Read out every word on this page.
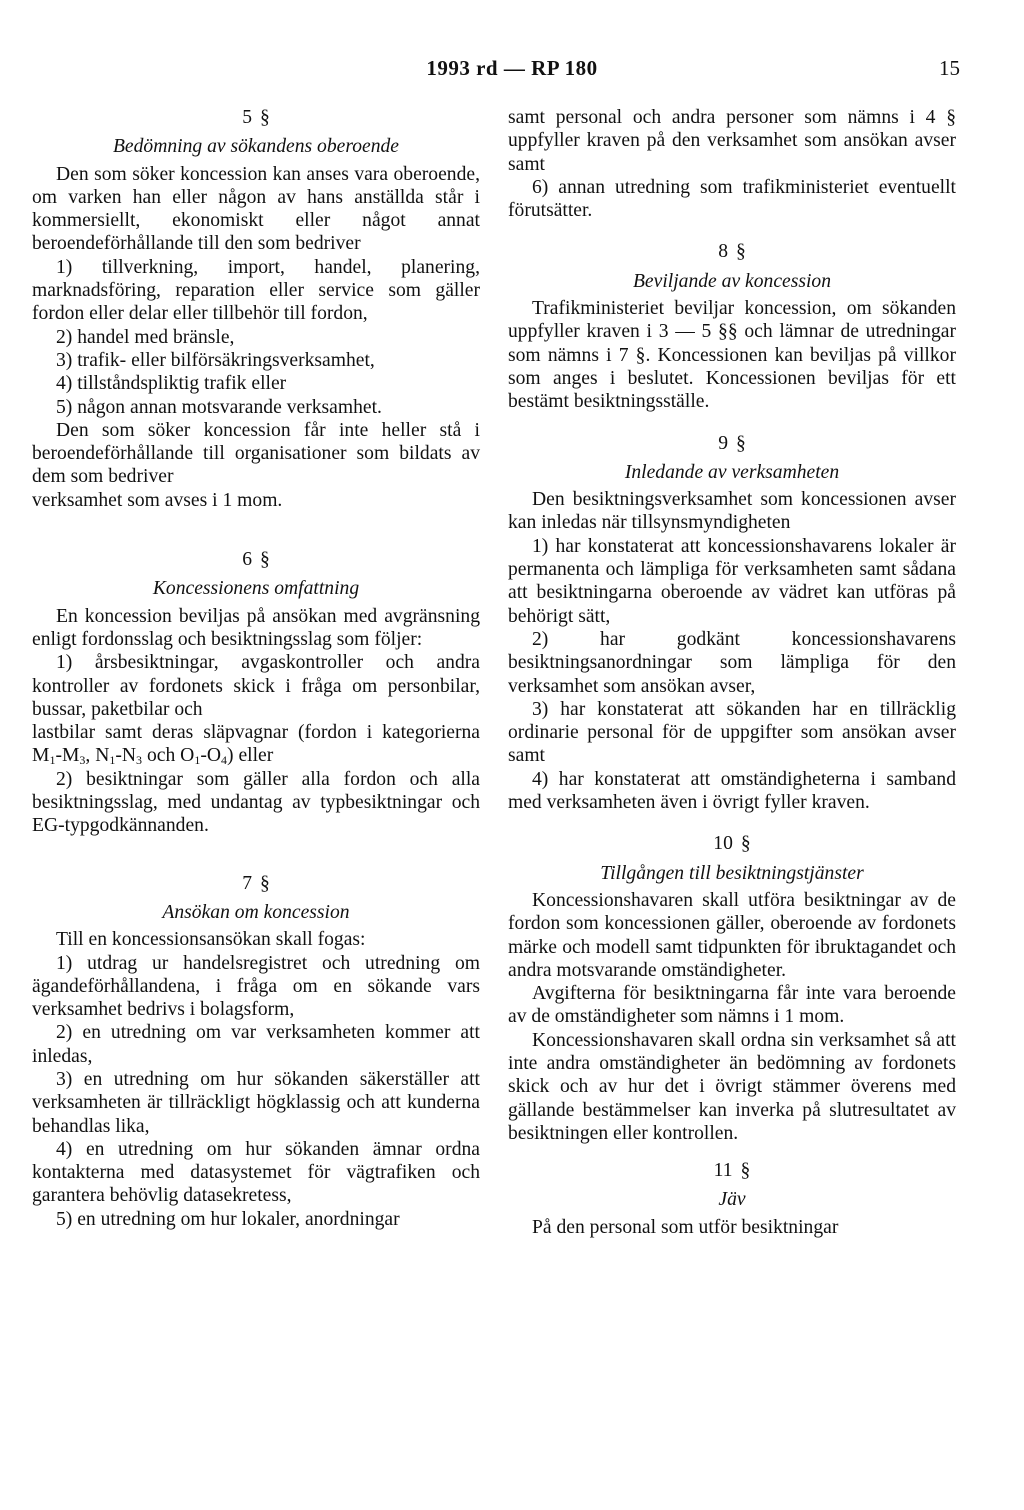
1993 rd — RP 180	15
5 §
Bedömning av sökandens oberoende

Den som söker koncession kan anses vara oberoende, om varken han eller någon av hans anställda står i kommersiellt, ekonomiskt eller något annat beroendeförhållande till den som bedriver

1) tillverkning, import, handel, planering, marknadsföring, reparation eller service som gäller fordon eller delar eller tillbehör till fordon,

2) handel med bränsle,

3) trafik- eller bilförsäkringsverksamhet,

4) tillståndspliktig trafik eller

5) någon annan motsvarande verksamhet.

Den som söker koncession får inte heller stå i beroendeförhållande till organisationer som bildats av dem som bedriver

verksamhet som avses i 1 mom.

6 §
Koncessionens omfattning

En koncession beviljas på ansökan med avgränsning enligt fordonsslag och besiktningsslag som följer:

1) årsbesiktningar, avgaskontroller och andra kontroller av fordonets skick i fråga om personbilar, bussar, paketbilar och

lastbilar samt deras släpvagnar (fordon i kategorierna $M_1-M_3$, $N_1-N_3$ och $O_1-O_4$) eller

2) besiktningar som gäller alla fordon och alla besiktningsslag, med undantag av typbesiktningar och EG-typgodkännanden.

7 §
Ansökan om koncession

Till en koncessionsansökan skall fogas:

1) utdrag ur handelsregistret och utredning om ägandeförhållandena, i fråga om en sökande vars verksamhet bedrivs i bolagsform,

2) en utredning om var verksamheten kommer att inledas,

3) en utredning om hur sökanden säkerställer att verksamheten är tillräckligt högklassig och att kunderna behandlas lika,

4) en utredning om hur sökanden ämnar ordna kontakterna med datasystemet för vägtrafiken och garantera behövlig datasekretess,

5) en utredning om hur lokaler, anordningar

samt personal och andra personer som nämns i 4 § uppfyller kraven på den verksamhet som ansökan avser samt

6) annan utredning som trafikministeriet eventuellt förutsätter.

8 §
Beviljande av koncession

Trafikministeriet beviljar koncession, om sökanden uppfyller kraven i 3 — 5 §§ och lämnar de utredningar som nämns i 7 §. Koncessionen kan beviljas på villkor som anges i beslutet. Koncessionen beviljas för ett bestämt besiktningsställe.

9 §
Inledande av verksamheten

Den besiktningsverksamhet som koncessionen avser kan inledas när tillsynsmyndigheten

1) har konstaterat att koncessionshavarens lokaler är permanenta och lämpliga för verksamheten samt sådana att besiktningarna oberoende av vädret kan utföras på behörigt sätt,

2) har godkänt koncessionshavarens besiktningsanordningar som lämpliga för den verksamhet som ansökan avser,

3) har konstaterat att sökanden har en tillräcklig ordinarie personal för de uppgifter som ansökan avser samt

4) har konstaterat att omständigheterna i samband med verksamheten även i övrigt fyller kraven.

10 §
Tillgången till besiktningstjänster

Koncessionshavaren skall utföra besiktningar av de fordon som koncessionen gäller, oberoende av fordonets märke och modell samt tidpunkten för ibruktagandet och andra motsvarande omständigheter.

Avgifterna för besiktningarna får inte vara beroende av de omständigheter som nämns i 1 mom.

Koncessionshavaren skall ordna sin verksamhet så att inte andra omständigheter än bedömning av fordonets skick och av hur det i övrigt stämmer överens med gällande bestämmelser kan inverka på slutresultatet av besiktningen eller kontrollen.

11 §
Jäv

På den personal som utför besiktningar
